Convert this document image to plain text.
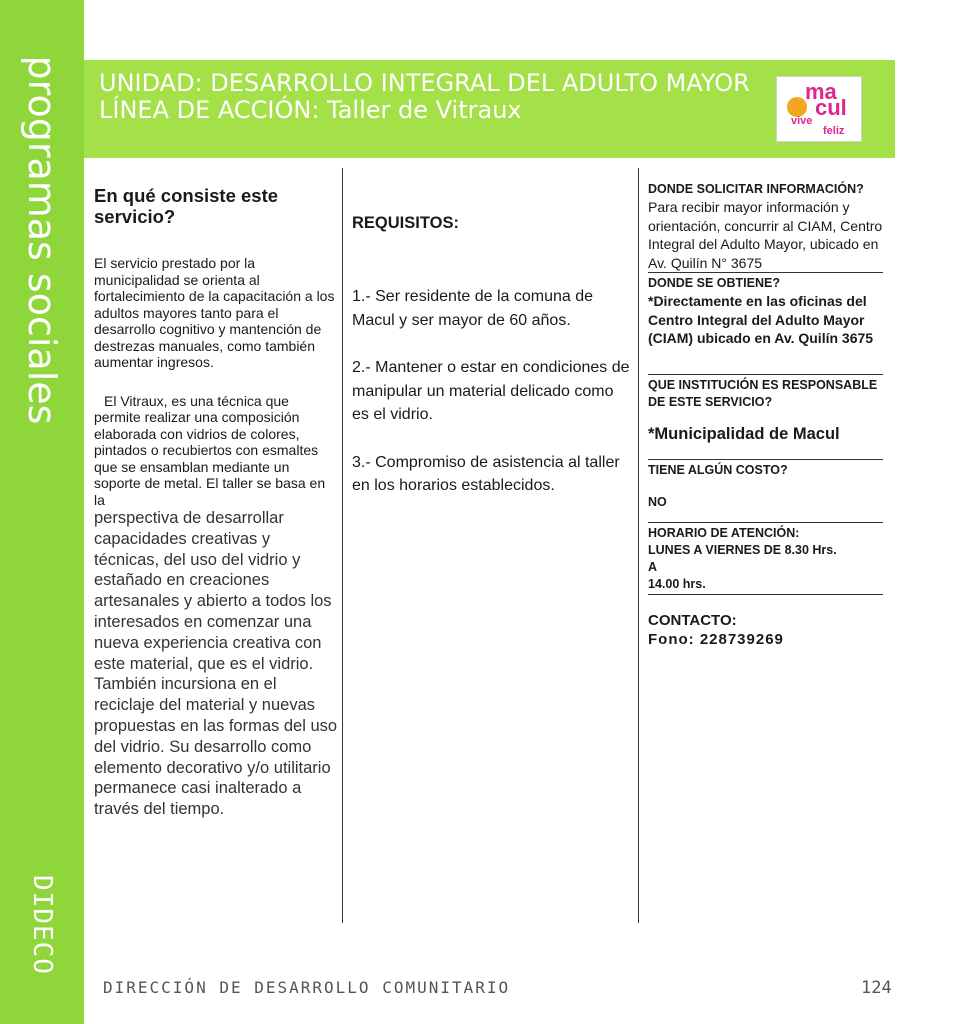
programas sociales
DIDECO
UNIDAD: DESARROLLO INTEGRAL DEL ADULTO MAYOR
LÍNEA DE ACCIÓN: Taller de Vitraux
ma
cul
vive
feliz
En qué consiste este servicio?

El servicio prestado por la municipalidad se orienta al fortalecimiento de la capacitación a los adultos mayores tanto para el desarrollo cognitivo y mantención de destrezas manuales, como también aumentar ingresos.

El Vitraux, es una técnica que permite realizar una composición elaborada con vidrios de colores, pintados o recubiertos con esmaltes que se ensamblan mediante un soporte de metal. El taller se basa en la

perspectiva de desarrollar capacidades creativas y técnicas, del uso del vidrio y estañado en creaciones artesanales y abierto a todos los interesados en comenzar una nueva experiencia creativa con este material, que es el vidrio. También incursiona en el reciclaje del material y nuevas propuestas en las formas del uso del vidrio. Su desarrollo como elemento decorativo y/o utilitario permanece casi inalterado a través del tiempo.

REQUISITOS:

1.- Ser residente de la comuna de Macul y ser mayor de 60 años.

2.- Mantener o estar en condiciones de manipular un material delicado como es el vidrio.

3.- Compromiso de asistencia al taller en los horarios establecidos.

DONDE SOLICITAR INFORMACIÓN?
Para recibir mayor información y orientación, concurrir al CIAM, Centro Integral del Adulto Mayor, ubicado en Av. Quilín N° 3675
DONDE SE OBTIENE?
*Directamente en las oficinas del Centro Integral del Adulto Mayor (CIAM) ubicado en Av. Quilín 3675
QUE INSTITUCIÓN ES RESPONSABLE DE ESTE SERVICIO?
*Municipalidad de Macul
TIENE ALGÚN COSTO?
NO
HORARIO DE ATENCIÓN:
LUNES A VIERNES DE 8.30 Hrs.
A
14.00 hrs.
CONTACTO:
Fono: 228739269
DIRECCIÓN DE DESARROLLO COMUNITARIO	124
